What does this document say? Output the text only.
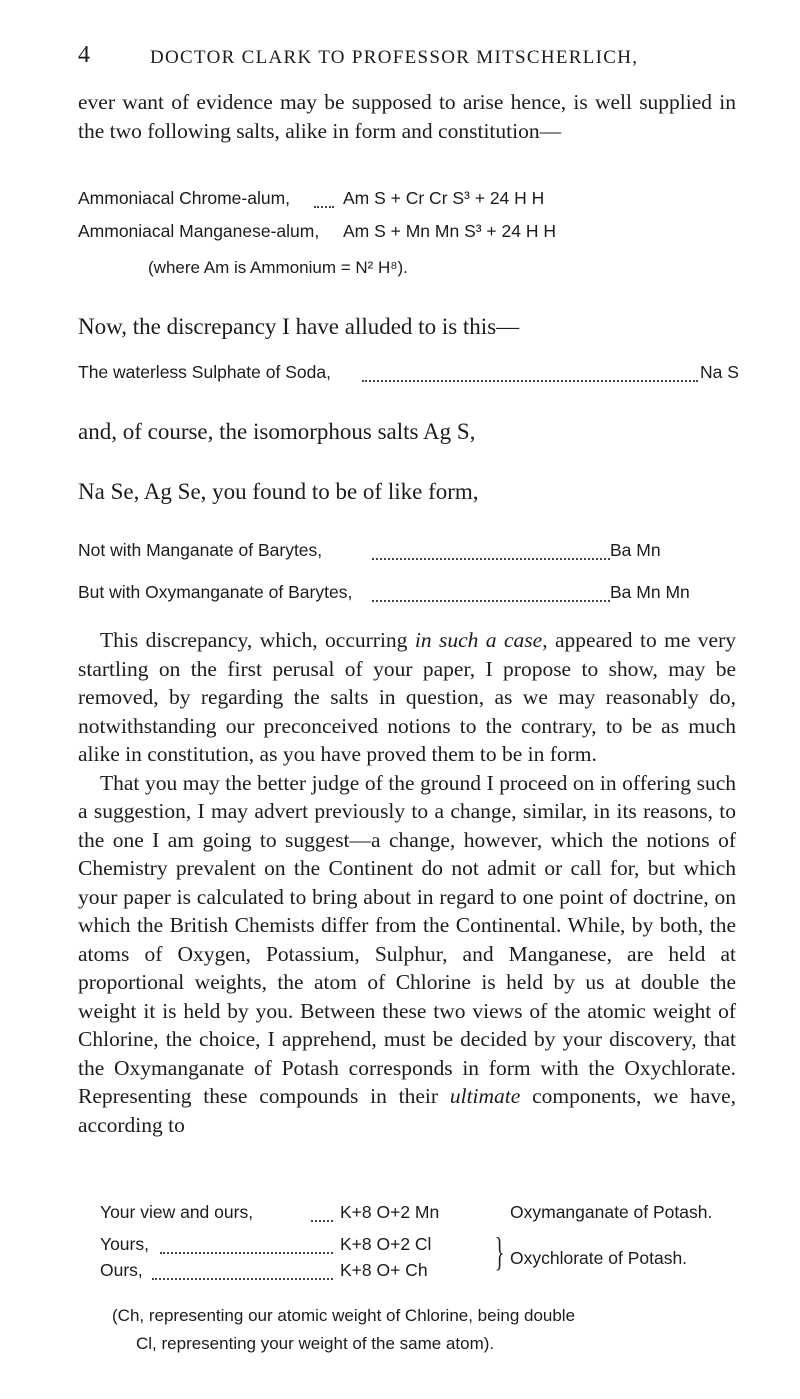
4	DOCTOR CLARK TO PROFESSOR MITSCHERLICH,

ever want of evidence may be supposed to arise hence, is well supplied in the two following salts, alike in form and constitution—

Ammoniacal Chrome-alum,	Am S + Cr Cr S³ + 24 H H
Ammoniacal Manganese-alum, Am S + Mn Mn S³ + 24 H H
(where Am is Ammonium = N² H⁸).
Now, the discrepancy I have alluded to is this—
The waterless Sulphate of Soda,	Na S
and, of course, the isomorphous salts Ag S,
Na Se, Ag Se, you found to be of like form,
Not with Manganate of Barytes,	Ba Mn
But with Oxymanganate of Barytes,	Ba Mn Mn

This discrepancy, which, occurring in such a case, appeared to me very startling on the first perusal of your paper, I propose to show, may be removed, by regarding the salts in question, as we may reasonably do, notwithstanding our preconceived notions to the contrary, to be as much alike in constitution, as you have proved them to be in form.

That you may the better judge of the ground I proceed on in offering such a suggestion, I may advert previously to a change, similar, in its reasons, to the one I am going to suggest—a change, however, which the notions of Chemistry prevalent on the Continent do not admit or call for, but which your paper is calculated to bring about in regard to one point of doctrine, on which the British Chemists differ from the Continental. While, by both, the atoms of Oxygen, Potassium, Sulphur, and Manganese, are held at proportional weights, the atom of Chlorine is held by us at double the weight it is held by you. Between these two views of the atomic weight of Chlorine, the choice, I apprehend, must be decided by your discovery, that the Oxymanganate of Potash corresponds in form with the Oxychlorate. Representing these compounds in their ultimate components, we have, according to

Your view and ours,	K+8 O+2 Mn	Oxymanganate of Potash.
Yours,	K+8 O+2 Cl
Ours,	K+8 O+ Ch } Oxychlorate of Potash.
(Ch, representing our atomic weight of Chlorine, being double
Cl, representing your weight of the same atom).
